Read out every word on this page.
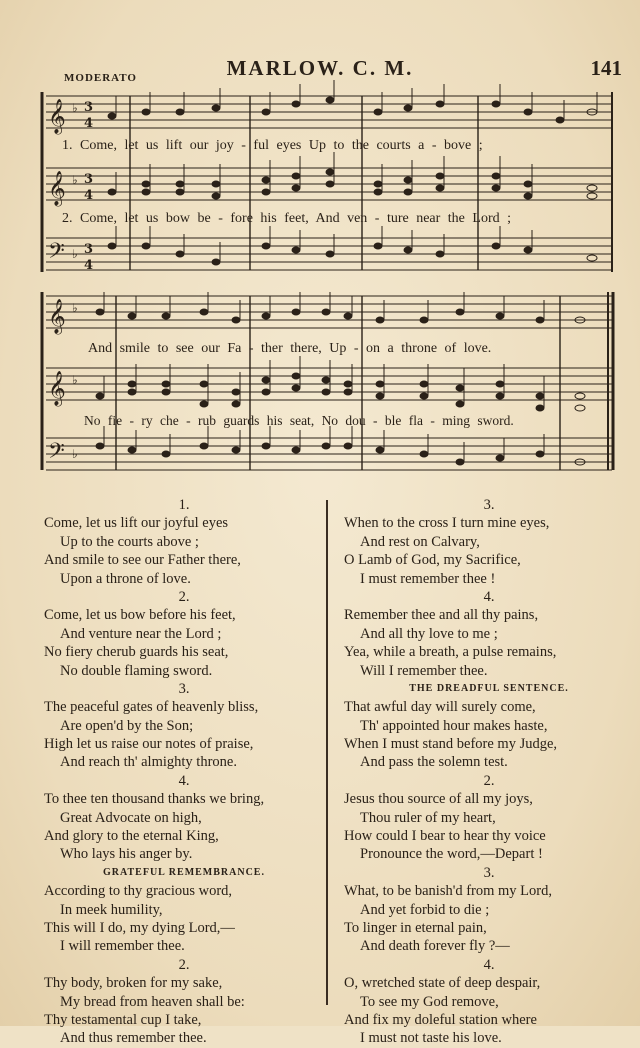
MODERATO	MARLOW. C. M.	141
𝄞
𝄞
𝄢
𝄞
𝄞
𝄢
♭
♭
♭
♭
♭
♭
3
4
3
4
3
4
1. Come, let us lift our joy - ful eyes Up to the courts a - bove ;
2. Come, let us bow be - fore his feet, And ven - ture near the Lord ;
And smile to see our Fa - ther there, Up - on a throne of love.
No fie - ry che - rub guards his seat, No dou - ble fla - ming sword.
1.
Come, let us lift our joyful eyes
Up to the courts above ;
And smile to see our Father there,
Upon a throne of love.
2.
Come, let us bow before his feet,
And venture near the Lord ;
No fiery cherub guards his seat,
No double flaming sword.
3.
The peaceful gates of heavenly bliss,
Are open'd by the Son;
High let us raise our notes of praise,
And reach th' almighty throne.
4.
To thee ten thousand thanks we bring,
Great Advocate on high,
And glory to the eternal King,
Who lays his anger by.
GRATEFUL REMEMBRANCE.
According to thy gracious word,
In meek humility,
This will I do, my dying Lord,—
I will remember thee.
2.
Thy body, broken for my sake,
My bread from heaven shall be:
Thy testamental cup I take,
And thus remember thee.
3.
When to the cross I turn mine eyes,
And rest on Calvary,
O Lamb of God, my Sacrifice,
I must remember thee !
4.
Remember thee and all thy pains,
And all thy love to me ;
Yea, while a breath, a pulse remains,
Will I remember thee.
THE DREADFUL SENTENCE.
That awful day will surely come,
Th' appointed hour makes haste,
When I must stand before my Judge,
And pass the solemn test.
2.
Jesus thou source of all my joys,
Thou ruler of my heart,
How could I bear to hear thy voice
Pronounce the word,—Depart !
3.
What, to be banish'd from my Lord,
And yet forbid to die ;
To linger in eternal pain,
And death forever fly ?—
4.
O, wretched state of deep despair,
To see my God remove,
And fix my doleful station where
I must not taste his love.
